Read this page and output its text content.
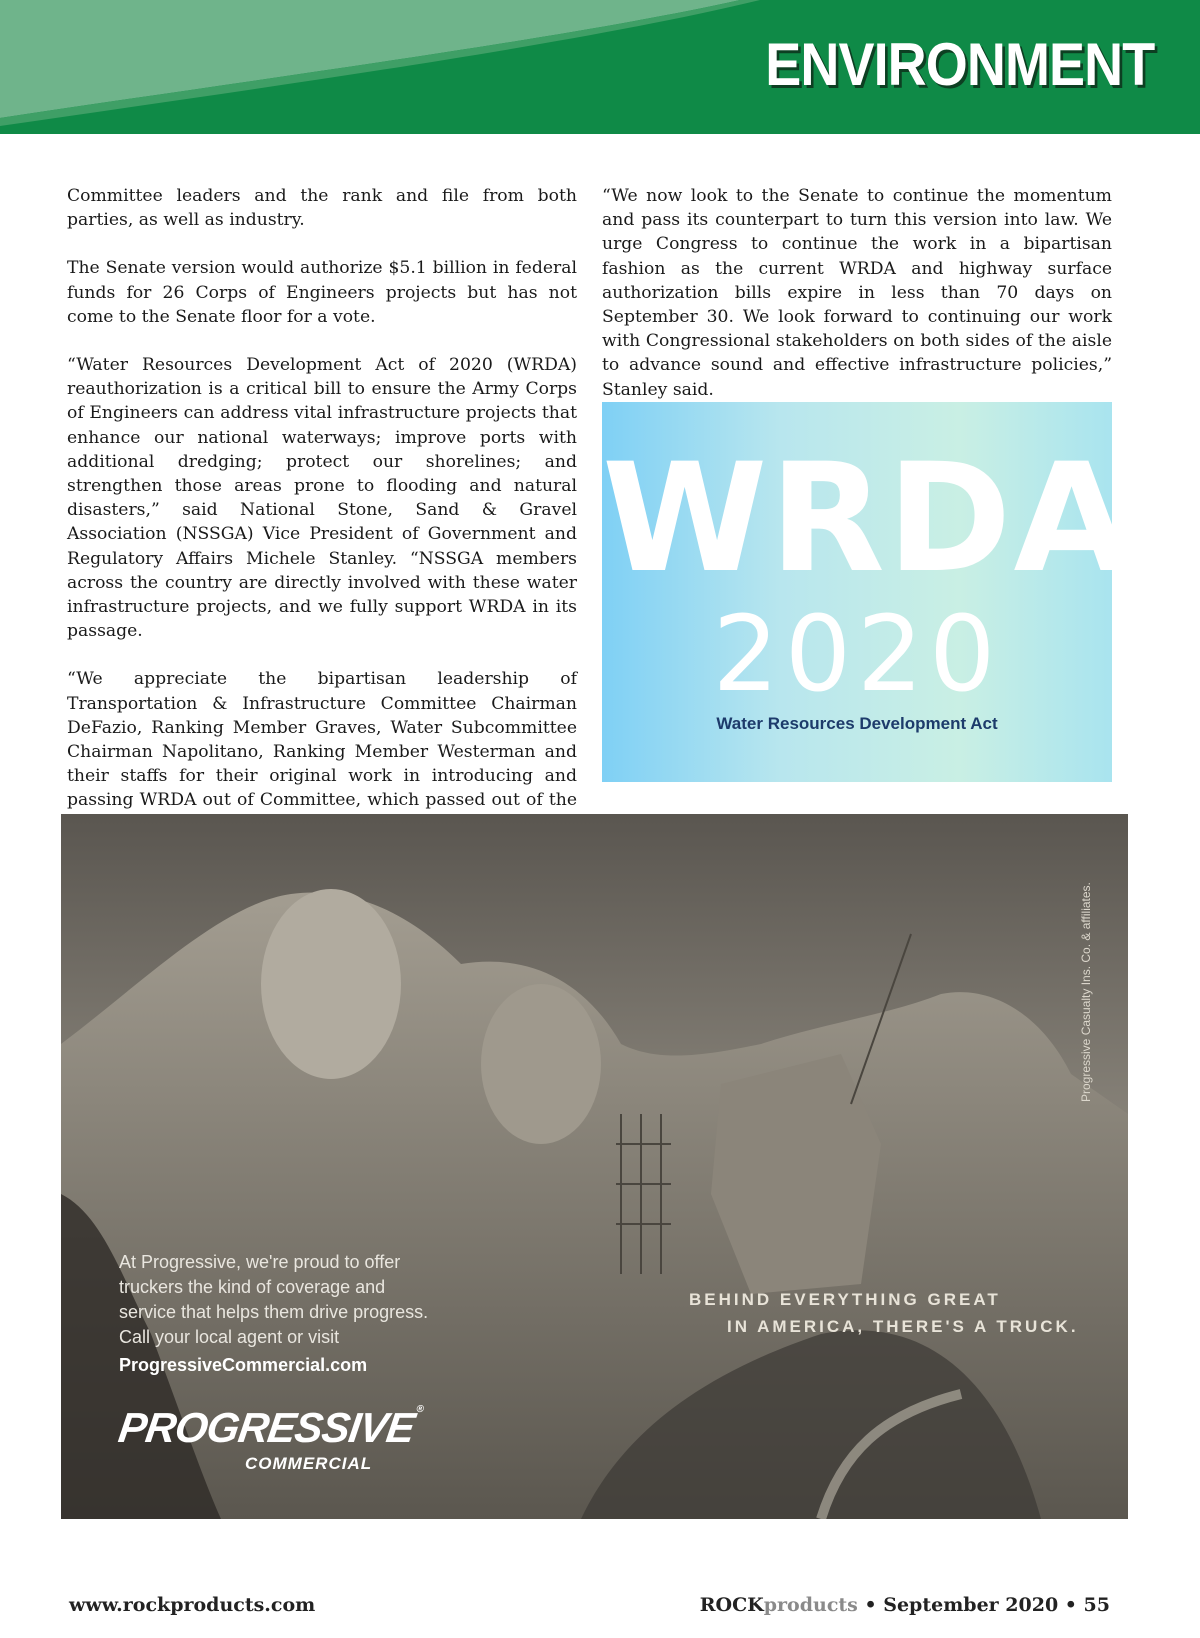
ENVIRONMENT

Committee leaders and the rank and file from both parties, as well as industry.

The Senate version would authorize $5.1 billion in federal funds for 26 Corps of Engineers projects but has not come to the Senate floor for a vote.

“Water Resources Development Act of 2020 (WRDA) reauthorization is a critical bill to ensure the Army Corps of Engineers can address vital infrastructure projects that enhance our national waterways; improve ports with additional dredging; protect our shorelines; and strengthen those areas prone to flooding and natural disasters,” said National Stone, Sand & Gravel Association (NSSGA) Vice President of Government and Regulatory Affairs Michele Stanley. “NSSGA members across the country are directly involved with these water infrastructure projects, and we fully support WRDA in its passage.

“We appreciate the bipartisan leadership of Transportation & Infrastructure Committee Chairman DeFazio, Ranking Member Graves, Water Subcommittee Chairman Napolitano, Ranking Member Westerman and their staffs for their original work in introducing and passing WRDA out of Committee, which passed out of the

“We now look to the Senate to continue the momentum and pass its counterpart to turn this version into law. We urge Congress to continue the work in a bipartisan fashion as the current WRDA and highway surface authorization bills expire in less than 70 days on September 30. We look forward to continuing our work with Congressional stakeholders on both sides of the aisle to advance sound and effective infrastructure policies,” Stanley said.

WRDA
2020
Water Resources Development Act
At Progressive, we're proud to offer
truckers the kind of coverage and
service that helps them drive progress.
Call your local agent or visit
ProgressiveCommercial.com
BEHIND EVERYTHING GREAT
IN AMERICA, THERE'S A TRUCK.
PROGRESSIVE®
COMMERCIAL
Progressive Casualty Ins. Co. & affiliates.
www.rockproducts.com	ROCKproducts • September 2020 • 55
